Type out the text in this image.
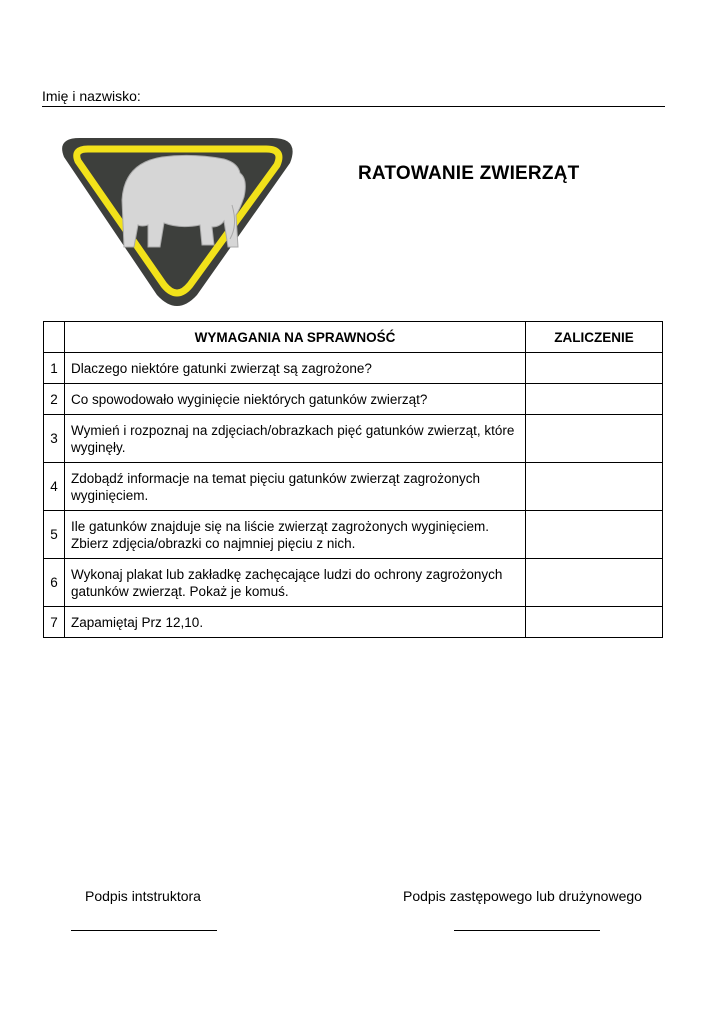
Imię i nazwisko:
RATOWANIE ZWIERZĄT
	WYMAGANIA NA SPRAWNOŚĆ	ZALICZENIE
1	Dlaczego niektóre gatunki zwierząt są zagrożone?	
2	Co spowodowało wyginięcie niektórych gatunków zwierząt?	
3	Wymień i rozpoznaj na zdjęciach/obrazkach pięć gatunków zwierząt, które wyginęły.	
4	Zdobądź informacje na temat pięciu gatunków zwierząt zagrożonych wyginięciem.	
5	Ile gatunków znajduje się na liście zwierząt zagrożonych wyginięciem. Zbierz zdjęcia/obrazki co najmniej pięciu z nich.	
6	Wykonaj plakat lub zakładkę zachęcające ludzi do ochrony zagrożonych gatunków zwierząt. Pokaż je komuś.	
7	Zapamiętaj Prz 12,10.	
Podpis intstruktora	Podpis zastępowego lub drużynowego
